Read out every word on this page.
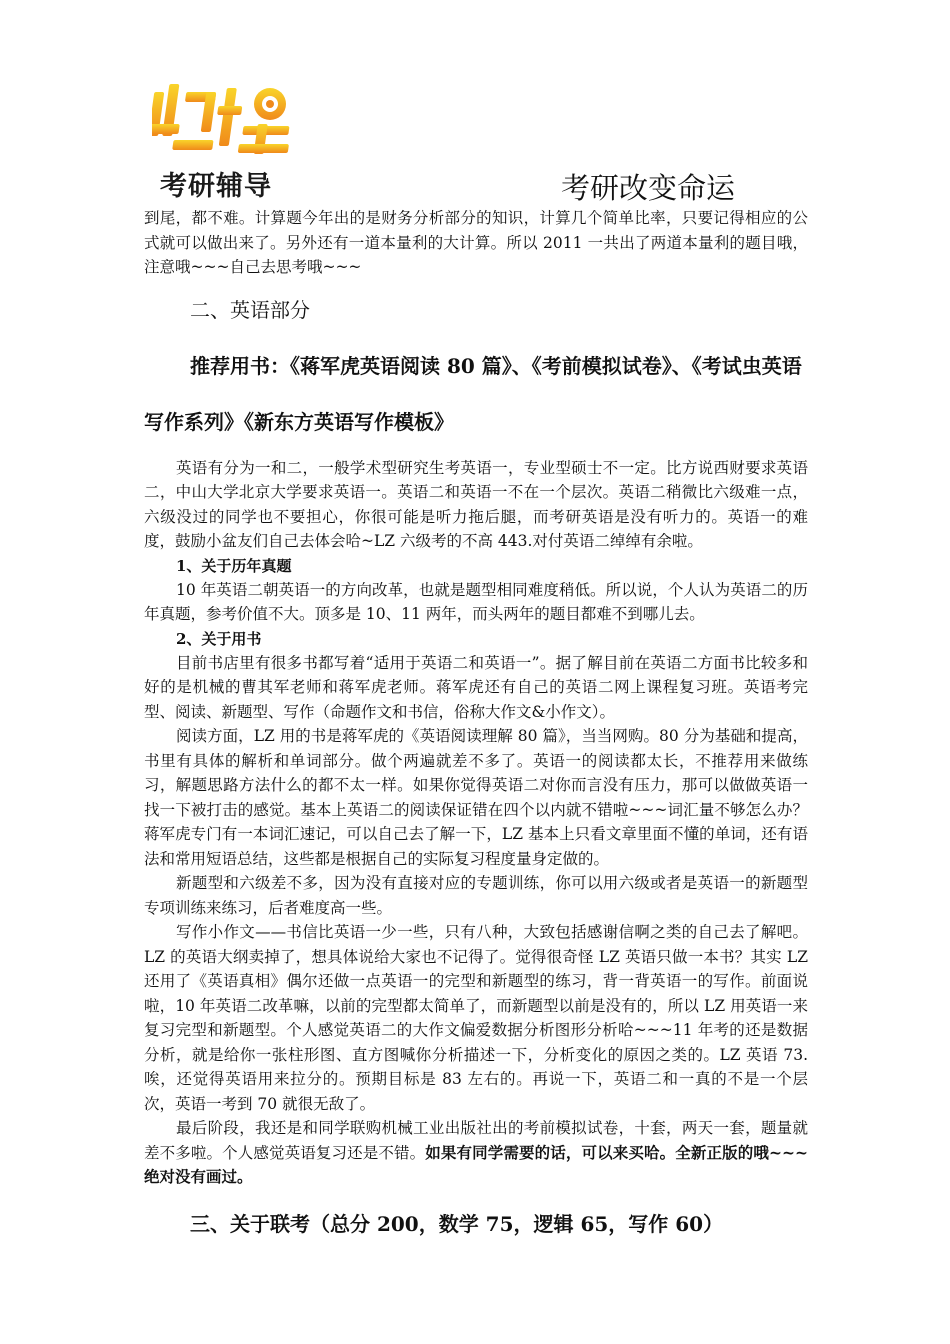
考研辅导	考研改变命运

到尾，都不难。计算题今年出的是财务分析部分的知识，计算几个简单比率，只要记得相应的公式就可以做出来了。另外还有一道本量利的大计算。所以 2011 一共出了两道本量利的题目哦，注意哦~~~自己去思考哦~~~

二、英语部分
推荐用书：《蒋军虎英语阅读 80 篇》、《考前模拟试卷》、《考试虫英语写作系列》《新东方英语写作模板》

英语有分为一和二，一般学术型研究生考英语一，专业型硕士不一定。比方说西财要求英语二，中山大学北京大学要求英语一。英语二和英语一不在一个层次。英语二稍微比六级难一点，六级没过的同学也不要担心，你很可能是听力拖后腿，而考研英语是没有听力的。英语一的难度，鼓励小盆友们自己去体会哈~LZ 六级考的不高 443.对付英语二绰绰有余啦。

1、关于历年真题

10 年英语二朝英语一的方向改革，也就是题型相同难度稍低。所以说，个人认为英语二的历年真题，参考价值不大。顶多是 10、11 两年，而头两年的题目都难不到哪儿去。

2、关于用书

目前书店里有很多书都写着“适用于英语二和英语一”。据了解目前在英语二方面书比较多和好的是机械的曹其军老师和蒋军虎老师。蒋军虎还有自己的英语二网上课程复习班。英语考完型、阅读、新题型、写作（命题作文和书信，俗称大作文&小作文）。

阅读方面，LZ 用的书是蒋军虎的《英语阅读理解 80 篇》，当当网购。80 分为基础和提高，书里有具体的解析和单词部分。做个两遍就差不多了。英语一的阅读都太长，不推荐用来做练习，解题思路方法什么的都不太一样。如果你觉得英语二对你而言没有压力，那可以做做英语一找一下被打击的感觉。基本上英语二的阅读保证错在四个以内就不错啦~~~词汇量不够怎么办？蒋军虎专门有一本词汇速记，可以自己去了解一下，LZ 基本上只看文章里面不懂的单词，还有语法和常用短语总结，这些都是根据自己的实际复习程度量身定做的。

新题型和六级差不多，因为没有直接对应的专题训练，你可以用六级或者是英语一的新题型专项训练来练习，后者难度高一些。

写作小作文——书信比英语一少一些，只有八种，大致包括感谢信啊之类的自己去了解吧。LZ 的英语大纲卖掉了，想具体说给大家也不记得了。觉得很奇怪 LZ 英语只做一本书？其实 LZ 还用了《英语真相》偶尔还做一点英语一的完型和新题型的练习，背一背英语一的写作。前面说啦，10 年英语二改革嘛，以前的完型都太简单了，而新题型以前是没有的，所以 LZ 用英语一来复习完型和新题型。个人感觉英语二的大作文偏爱数据分析图形分析哈~~~11 年考的还是数据分析，就是给你一张柱形图、直方图喊你分析描述一下，分析变化的原因之类的。LZ 英语 73.唉，还觉得英语用来拉分的。预期目标是 83 左右的。再说一下，英语二和一真的不是一个层次，英语一考到 70 就很无敌了。

最后阶段，我还是和同学联购机械工业出版社出的考前模拟试卷，十套，两天一套，题量就差不多啦。个人感觉英语复习还是不错。如果有同学需要的话，可以来买哈。全新正版的哦~~~绝对没有画过。

三、关于联考（总分 200，数学 75，逻辑 65，写作 60）
